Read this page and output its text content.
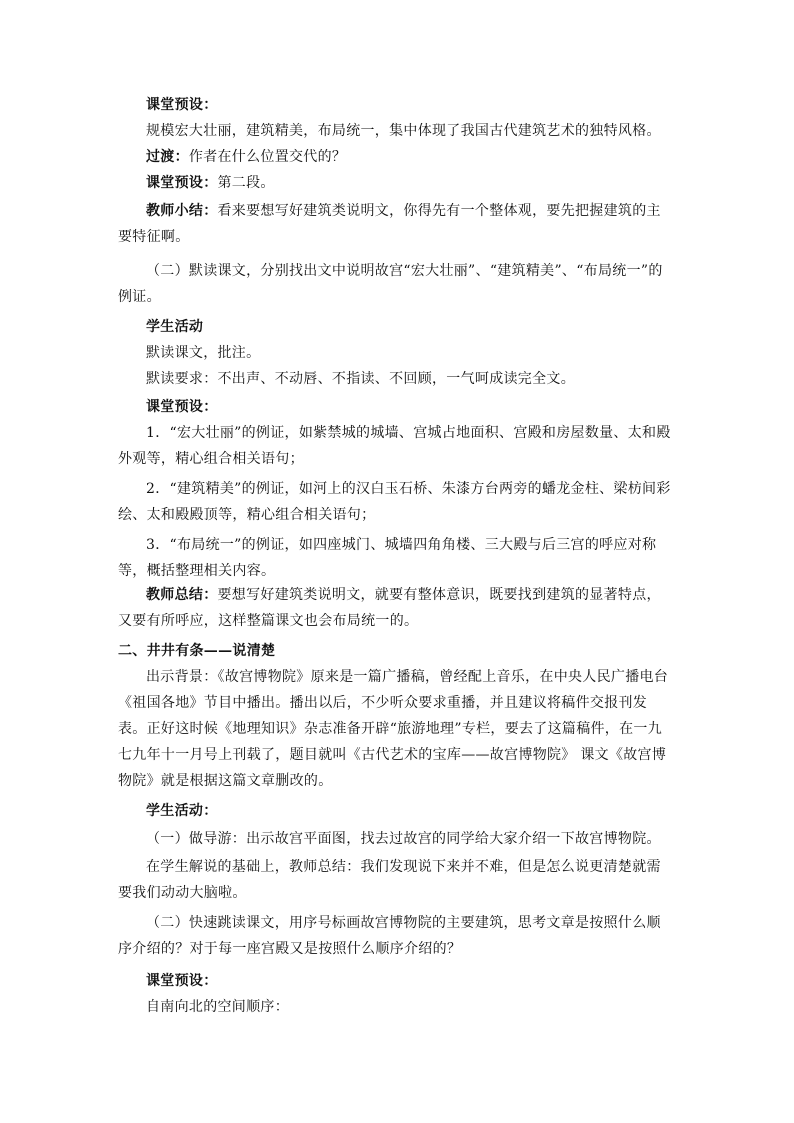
课堂预设：
规模宏大壮丽，建筑精美，布局统一，集中体现了我国古代建筑艺术的独特风格。
过渡：作者在什么位置交代的？
课堂预设：第二段。
教师小结：看来要想写好建筑类说明文，你得先有一个整体观，要先把握建筑的主要特征啊。
（二）默读课文，分别找出文中说明故宫“宏大壮丽”、“建筑精美”、“布局统一”的例证。
学生活动
默读课文，批注。
默读要求：不出声、不动唇、不指读、不回顾，一气呵成读完全文。
课堂预设：
1．“宏大壮丽”的例证，如紫禁城的城墙、宫城占地面积、宫殿和房屋数量、太和殿外观等，精心组合相关语句；
2．“建筑精美”的例证，如河上的汉白玉石桥、朱漆方台两旁的蟠龙金柱、梁枋间彩绘、太和殿殿顶等，精心组合相关语句；
3．“布局统一”的例证，如四座城门、城墙四角角楼、三大殿与后三宫的呼应对称等，概括整理相关内容。
教师总结：要想写好建筑类说明文，就要有整体意识，既要找到建筑的显著特点，又要有所呼应，这样整篇课文也会布局统一的。
二、井井有条——说清楚
出示背景：《故宫博物院》原来是一篇广播稿，曾经配上音乐，在中央人民广播电台《祖国各地》节目中播出。播出以后，不少听众要求重播，并且建议将稿件交报刊发表。正好这时候《地理知识》杂志准备开辟“旅游地理”专栏，要去了这篇稿件，在一九七九年十一月号上刊载了，题目就叫《古代艺术的宝库——故宫博物院》 课文《故宫博物院》就是根据这篇文章删改的。
学生活动：
（一）做导游：出示故宫平面图，找去过故宫的同学给大家介绍一下故宫博物院。
在学生解说的基础上，教师总结：我们发现说下来并不难，但是怎么说更清楚就需要我们动动大脑啦。
（二）快速跳读课文，用序号标画故宫博物院的主要建筑，思考文章是按照什么顺序介绍的？对于每一座宫殿又是按照什么顺序介绍的？
课堂预设：
自南向北的空间顺序：
